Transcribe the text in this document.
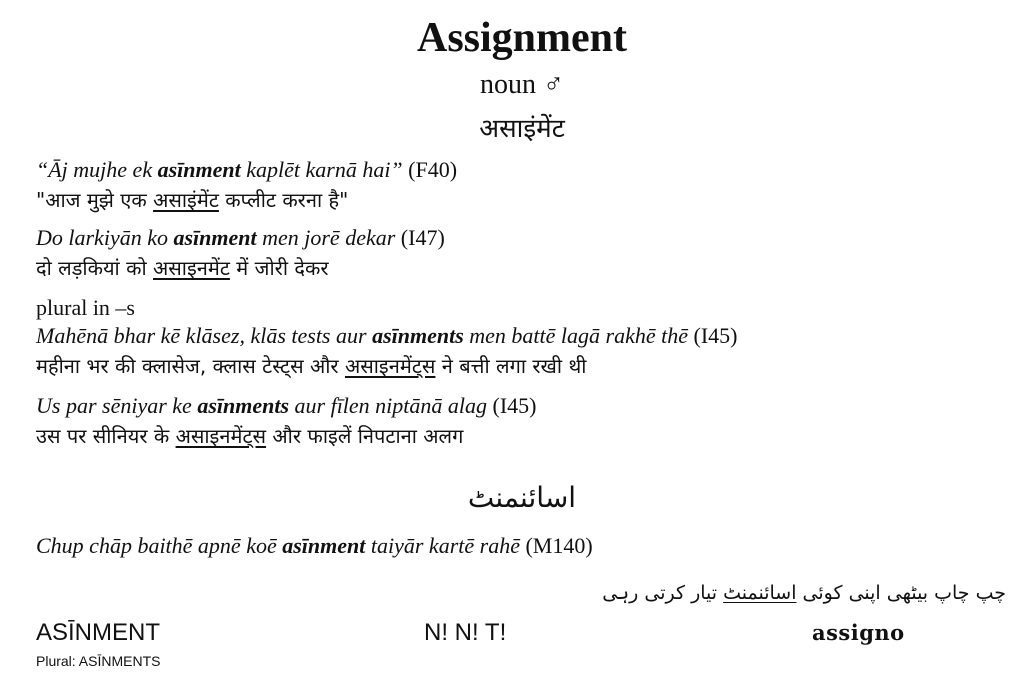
Assignment
noun ♂
असाइंमेंट
“Āj mujhe ek asīnment kaplēt karnā hai” (F40)
"आज मुझे एक असाइंमेंट कप्लीट करना है"
Do larkiyān ko asīnment men jorē dekar (I47)
दो लड़कियां को असाइनमेंट में जोरी देकर
plural in –s
Mahēnā bhar kē klāsez, klās tests aur asīnments men battē lagā rakhē thē (I45)
महीना भर की क्लासेज, क्लास टेस्ट्स और असाइनमेंट्स ने बत्ती लगा रखी थी
Us par sēniyar ke asīnments aur fīlen niptānā alag (I45)
उस पर सीनियर के असाइनमेंट्स और फाइलें निपटाना अलग
اسائنمنٹ
Chup chāp baithē apnē koē asīnment taiyār kartē rahē (M140)
چپ چاپ بیٹھی اپنی کوئی اسائنمنٹ تیار کرتی رہی
ASĪNMENT
Plural: ASĪNMENTS
N! N! T!	assigno
